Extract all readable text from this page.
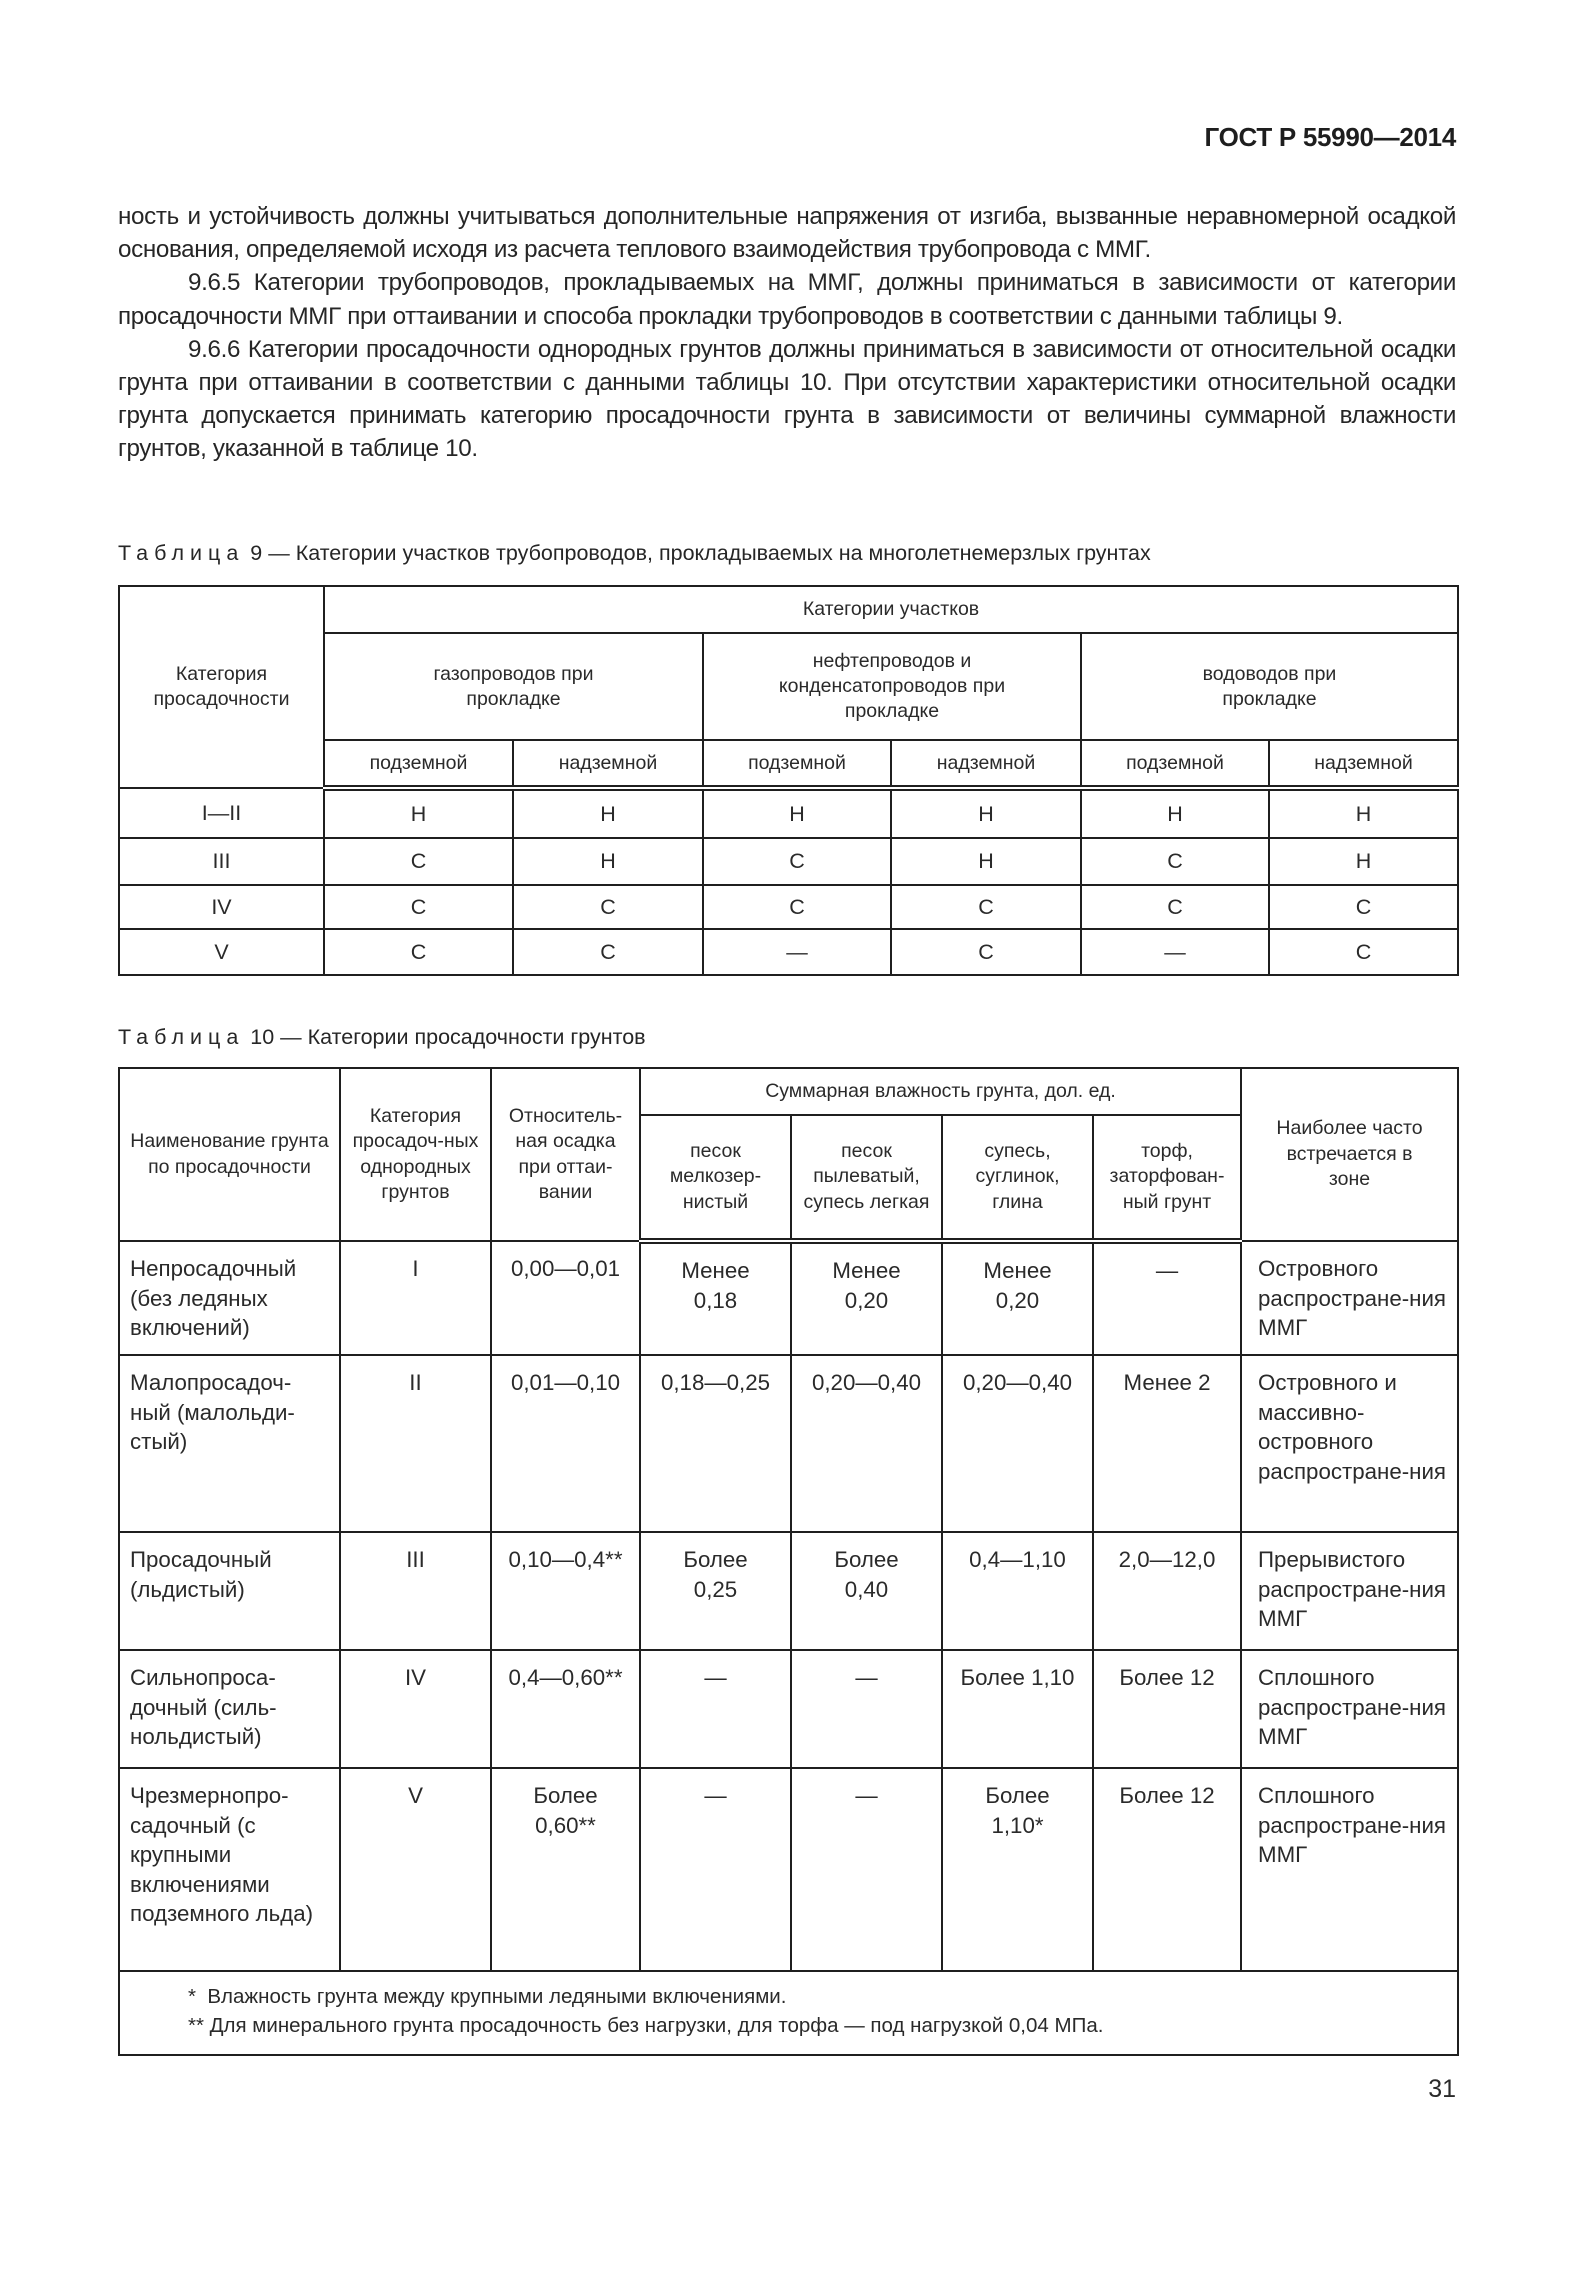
ГОСТ Р 55990—2014

ность и устойчивость должны учитываться дополнительные напряжения от изгиба, вызванные неравномерной осадкой основания, определяемой исходя из расчета теплового взаимодействия трубопровода с ММГ.

9.6.5 Категории трубопроводов, прокладываемых на ММГ, должны приниматься в зависимости от категории просадочности ММГ при оттаивании и способа прокладки трубопроводов в соответствии с данными таблицы 9.

9.6.6 Категории просадочности однородных грунтов должны приниматься в зависимости от относительной осадки грунта при оттаивании в соответствии с данными таблицы 10. При отсутствии характеристики относительной осадки грунта допускается принимать категорию просадочности грунта в зависимости от величины суммарной влажности грунтов, указанной в таблице 10.

Таблица 9 — Категории участков трубопроводов, прокладываемых на многолетнемерзлых грунтах
Категория просадочности	Категории участков					
	газопроводов при прокладке		нефтепроводов и конденсатопроводов при прокладке		водоводов при прокладке	
	подземной	надземной	подземной	надземной	подземной	надземной
I—II	Н	Н	Н	Н	Н	Н
III	С	Н	С	Н	С	Н
IV	С	С	С	С	С	С
V	С	С	—	С	—	С
Таблица 10 — Категории просадочности грунтов
Наименование грунта по просадочности	Категория просадоч-ных однородных грунтов	Относитель-ная осадка при оттаи-вании	Суммарная влажность грунта, дол. ед.				Наиболее часто встречается в зоне
			песок мелкозер-нистый	песок пылеватый, супесь легкая	супесь, суглинок, глина	торф, заторфован-ный грунт	
Непросадочный (без ледяных включений)	I	0,00—0,01	Менее 0,18	Менее 0,20	Менее 0,20	—	Островного распростране-ния ММГ
Малопросадоч-ный (малольди-стый)	II	0,01—0,10	0,18—0,25	0,20—0,40	0,20—0,40	Менее 2	Островного и массивно-островного распростране-ния
Просадочный (льдистый)	III	0,10—0,4**	Более 0,25	Более 0,40	0,4—1,10	2,0—12,0	Прерывистого распростране-ния ММГ
Сильнопроса-дочный (силь-нольдистый)	IV	0,4—0,60**	—	—	Более 1,10	Более 12	Сплошного распростране-ния ММГ
Чрезмернопро-садочный (с крупными включениями подземного льда)	V	Более 0,60**	—	—	Более 1,10*	Более 12	Сплошного распростране-ния ММГ

*  Влажность грунта между крупными ледяными включениями.
** Для минерального грунта просадочность без нагрузки, для торфа — под нагрузкой 0,04 МПа.							
31
